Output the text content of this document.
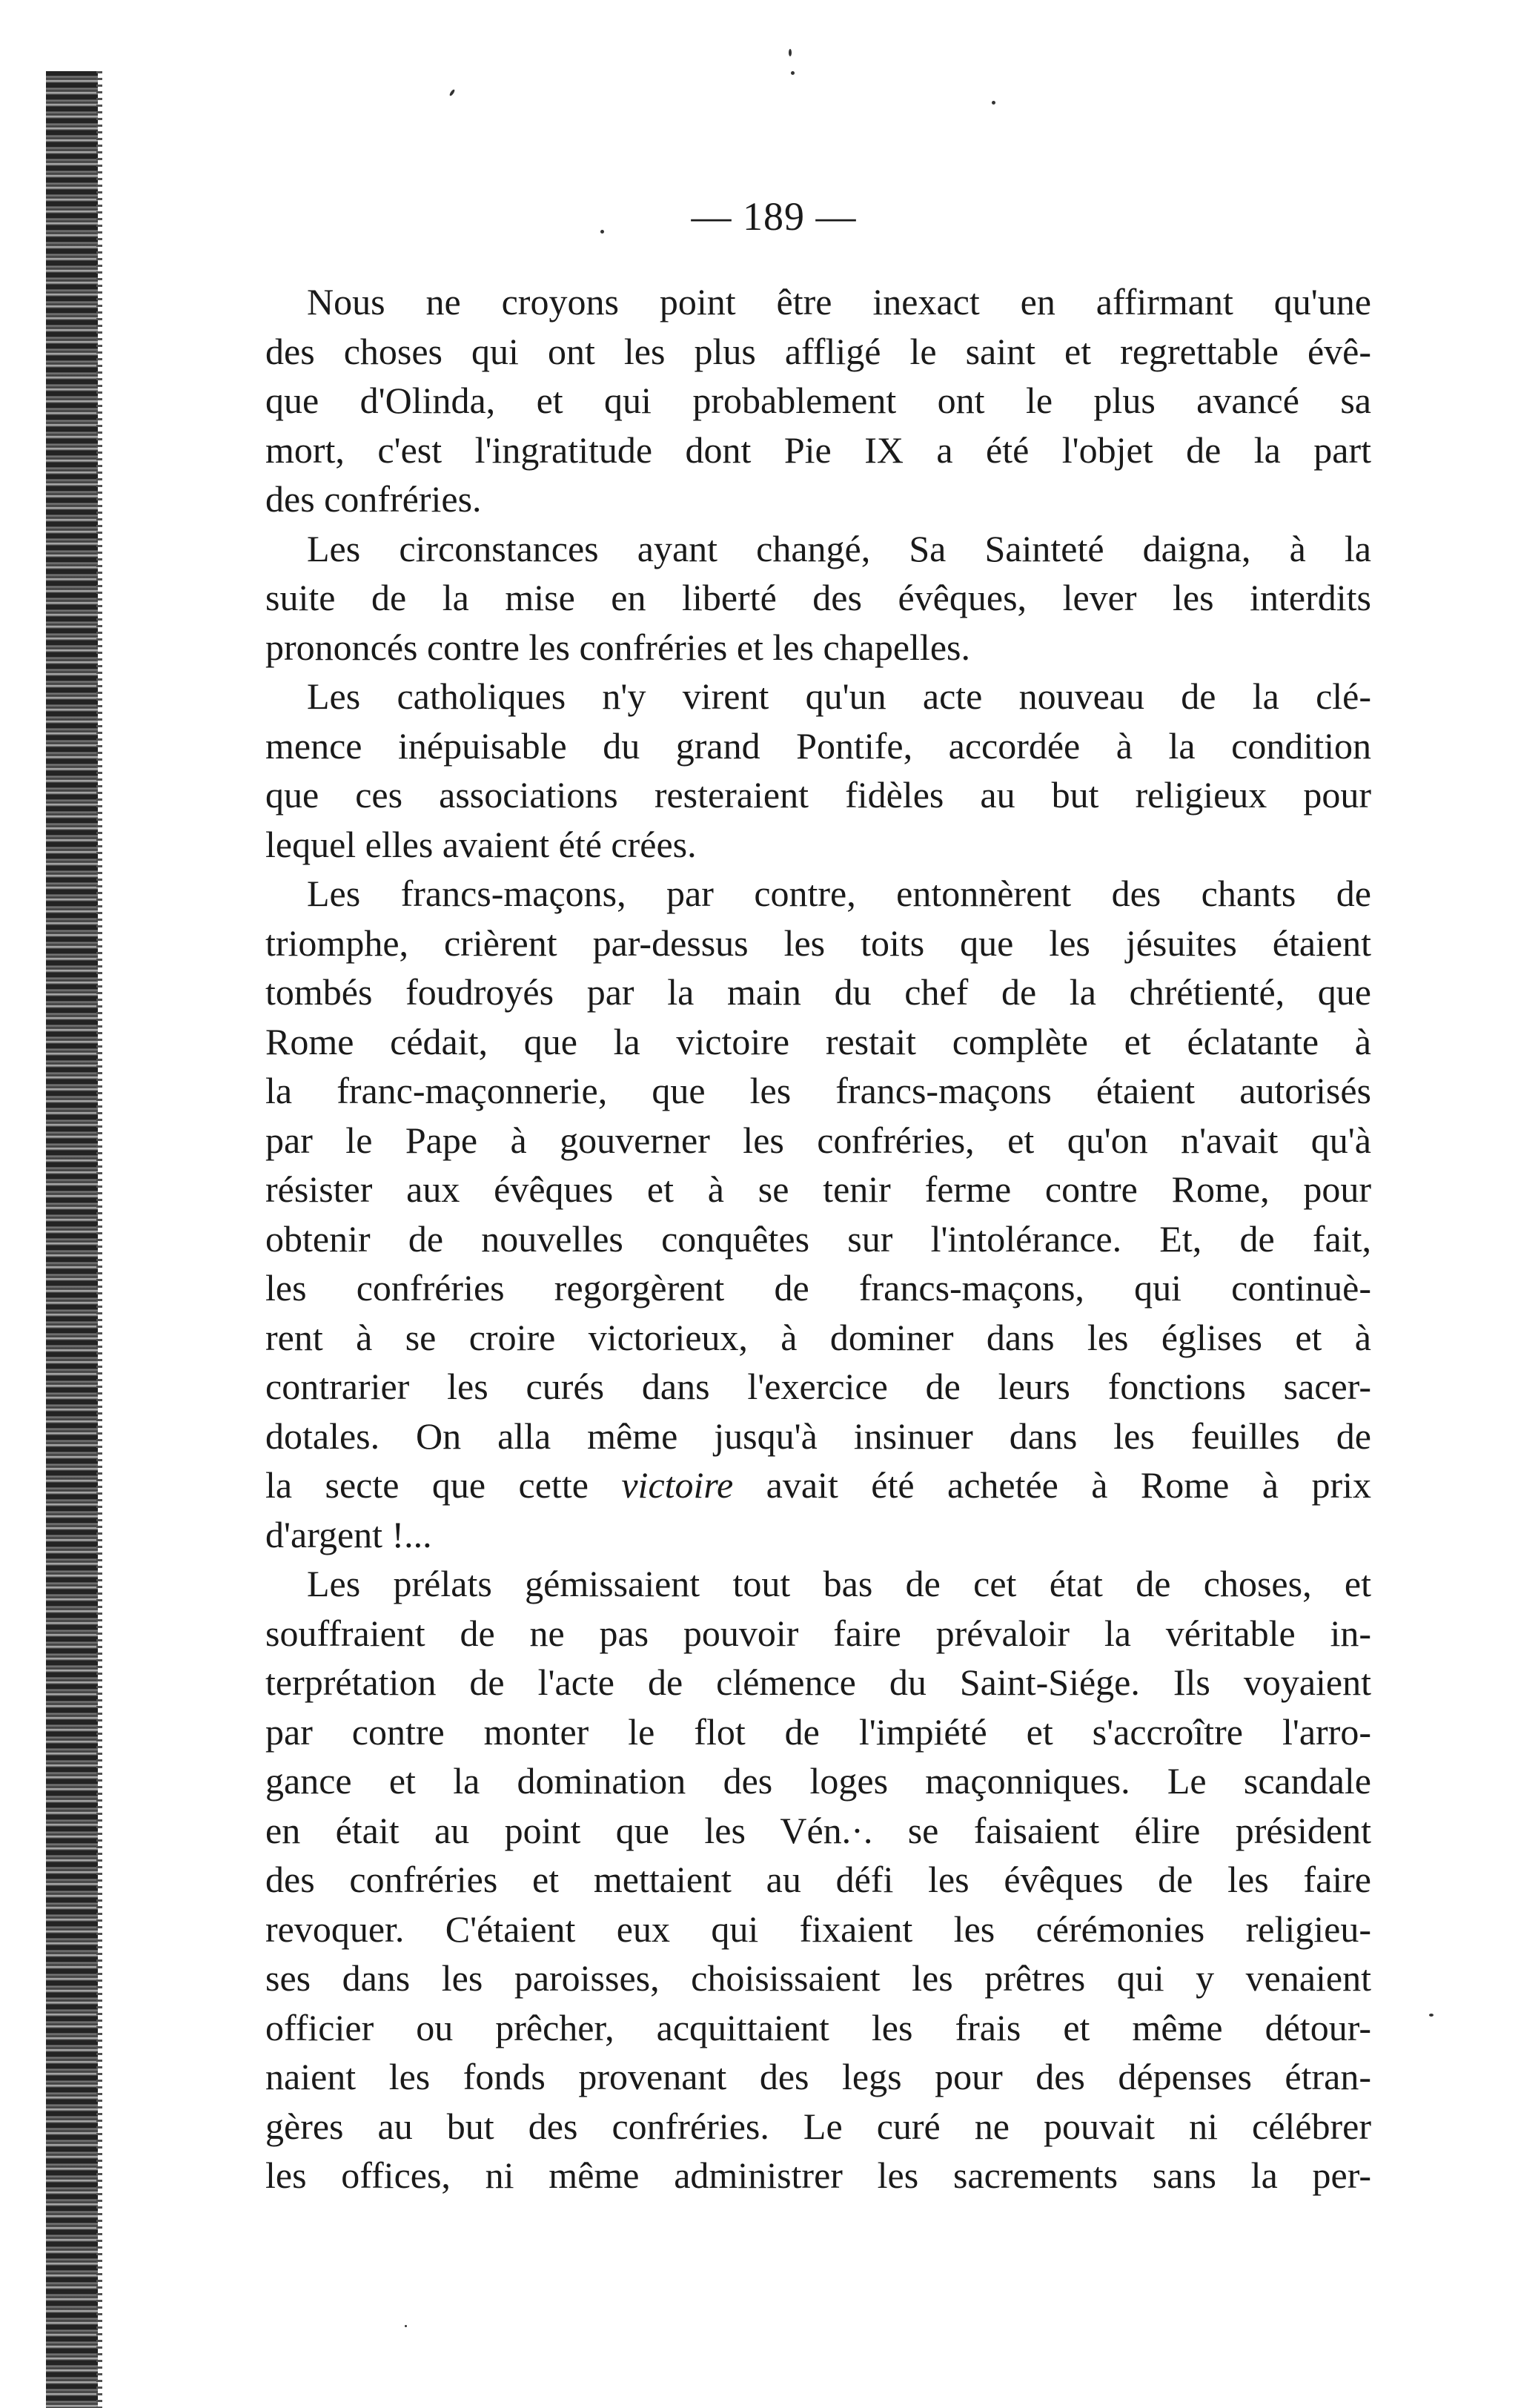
— 189 —
Nous ne croyons point être inexact en affirmant qu'une
des choses qui ont les plus affligé le saint et regrettable évê-
que d'Olinda, et qui probablement ont le plus avancé sa
mort, c'est l'ingratitude dont Pie IX a été l'objet de la part
des confréries.
Les circonstances ayant changé, Sa Sainteté daigna, à la
suite de la mise en liberté des évêques, lever les interdits
prononcés contre les confréries et les chapelles.
Les catholiques n'y virent qu'un acte nouveau de la clé-
mence inépuisable du grand Pontife, accordée à la condition
que ces associations resteraient fidèles au but religieux pour
lequel elles avaient été crées.
Les francs-maçons, par contre, entonnèrent des chants de
triomphe, crièrent par-dessus les toits que les jésuites étaient
tombés foudroyés par la main du chef de la chrétienté, que
Rome cédait, que la victoire restait complète et éclatante à
la franc-maçonnerie, que les francs-maçons étaient autorisés
par le Pape à gouverner les confréries, et qu'on n'avait qu'à
résister aux évêques et à se tenir ferme contre Rome, pour
obtenir de nouvelles conquêtes sur l'intolérance. Et, de fait,
les confréries regorgèrent de francs-maçons, qui continuè-
rent à se croire victorieux, à dominer dans les églises et à
contrarier les curés dans l'exercice de leurs fonctions sacer-
dotales. On alla même jusqu'à insinuer dans les feuilles de
la secte que cette victoire avait été achetée à Rome à prix
d'argent !...
Les prélats gémissaient tout bas de cet état de choses, et
souffraient de ne pas pouvoir faire prévaloir la véritable in-
terprétation de l'acte de clémence du Saint-Siége. Ils voyaient
par contre monter le flot de l'impiété et s'accroître l'arro-
gance et la domination des loges maçonniques. Le scandale
en était au point que les Vén.·. se faisaient élire président
des confréries et mettaient au défi les évêques de les faire
revoquer. C'étaient eux qui fixaient les cérémonies religieu-
ses dans les paroisses, choisissaient les prêtres qui y venaient
officier ou prêcher, acquittaient les frais et même détour-
naient les fonds provenant des legs pour des dépenses étran-
gères au but des confréries. Le curé ne pouvait ni célébrer
les offices, ni même administrer les sacrements sans la per-
